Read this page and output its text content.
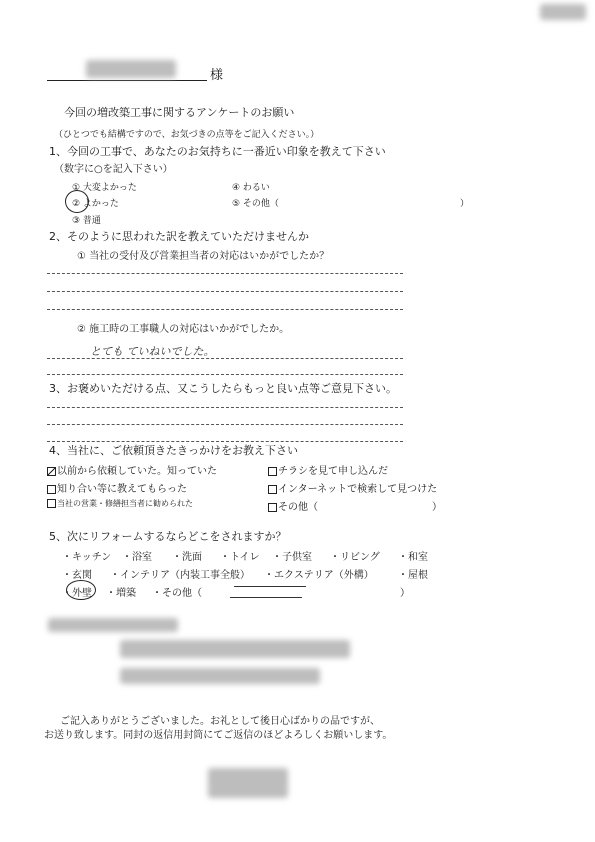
様
今回の増改築工事に関するアンケートのお願い
（ひとつでも結構ですので、お気づきの点等をご記入ください。）
1、今回の工事で、あなたのお気持ちに一番近い印象を教えて下さい
（数字に○を記入下さい）
① 大変よかった
② よかった
③ 普通
④ わるい
⑤ その他（	）
2、そのように思われた訳を教えていただけませんか
① 当社の受付及び営業担当者の対応はいかがでしたか？
② 施工時の工事職人の対応はいかがでしたか。
とても ていねいでした。
3、お褒めいただける点、又こうしたらもっと良い点等ご意見下さい。
4、当社に、ご依頼頂きたきっかけをお教え下さい
以前から依頼していた。知っていた
知り合い等に教えてもらった
当社の営業・修繕担当者に勧められた
チラシを見て申し込んだ
インターネットで検索して見つけた
その他（	）
5、次にリフォームするならどこをされますか？
・キッチン ・浴室 ・洗面 ・トイレ ・子供室 ・リビング ・和室
・玄関 ・インテリア（内装工事全般） ・エクステリア（外構） ・屋根
・外壁 ・増築 ・その他（	）
ご記入ありがとうございました。お礼として後日心ばかりの品ですが、
お送り致します。同封の返信用封筒にてご返信のほどよろしくお願いします。
